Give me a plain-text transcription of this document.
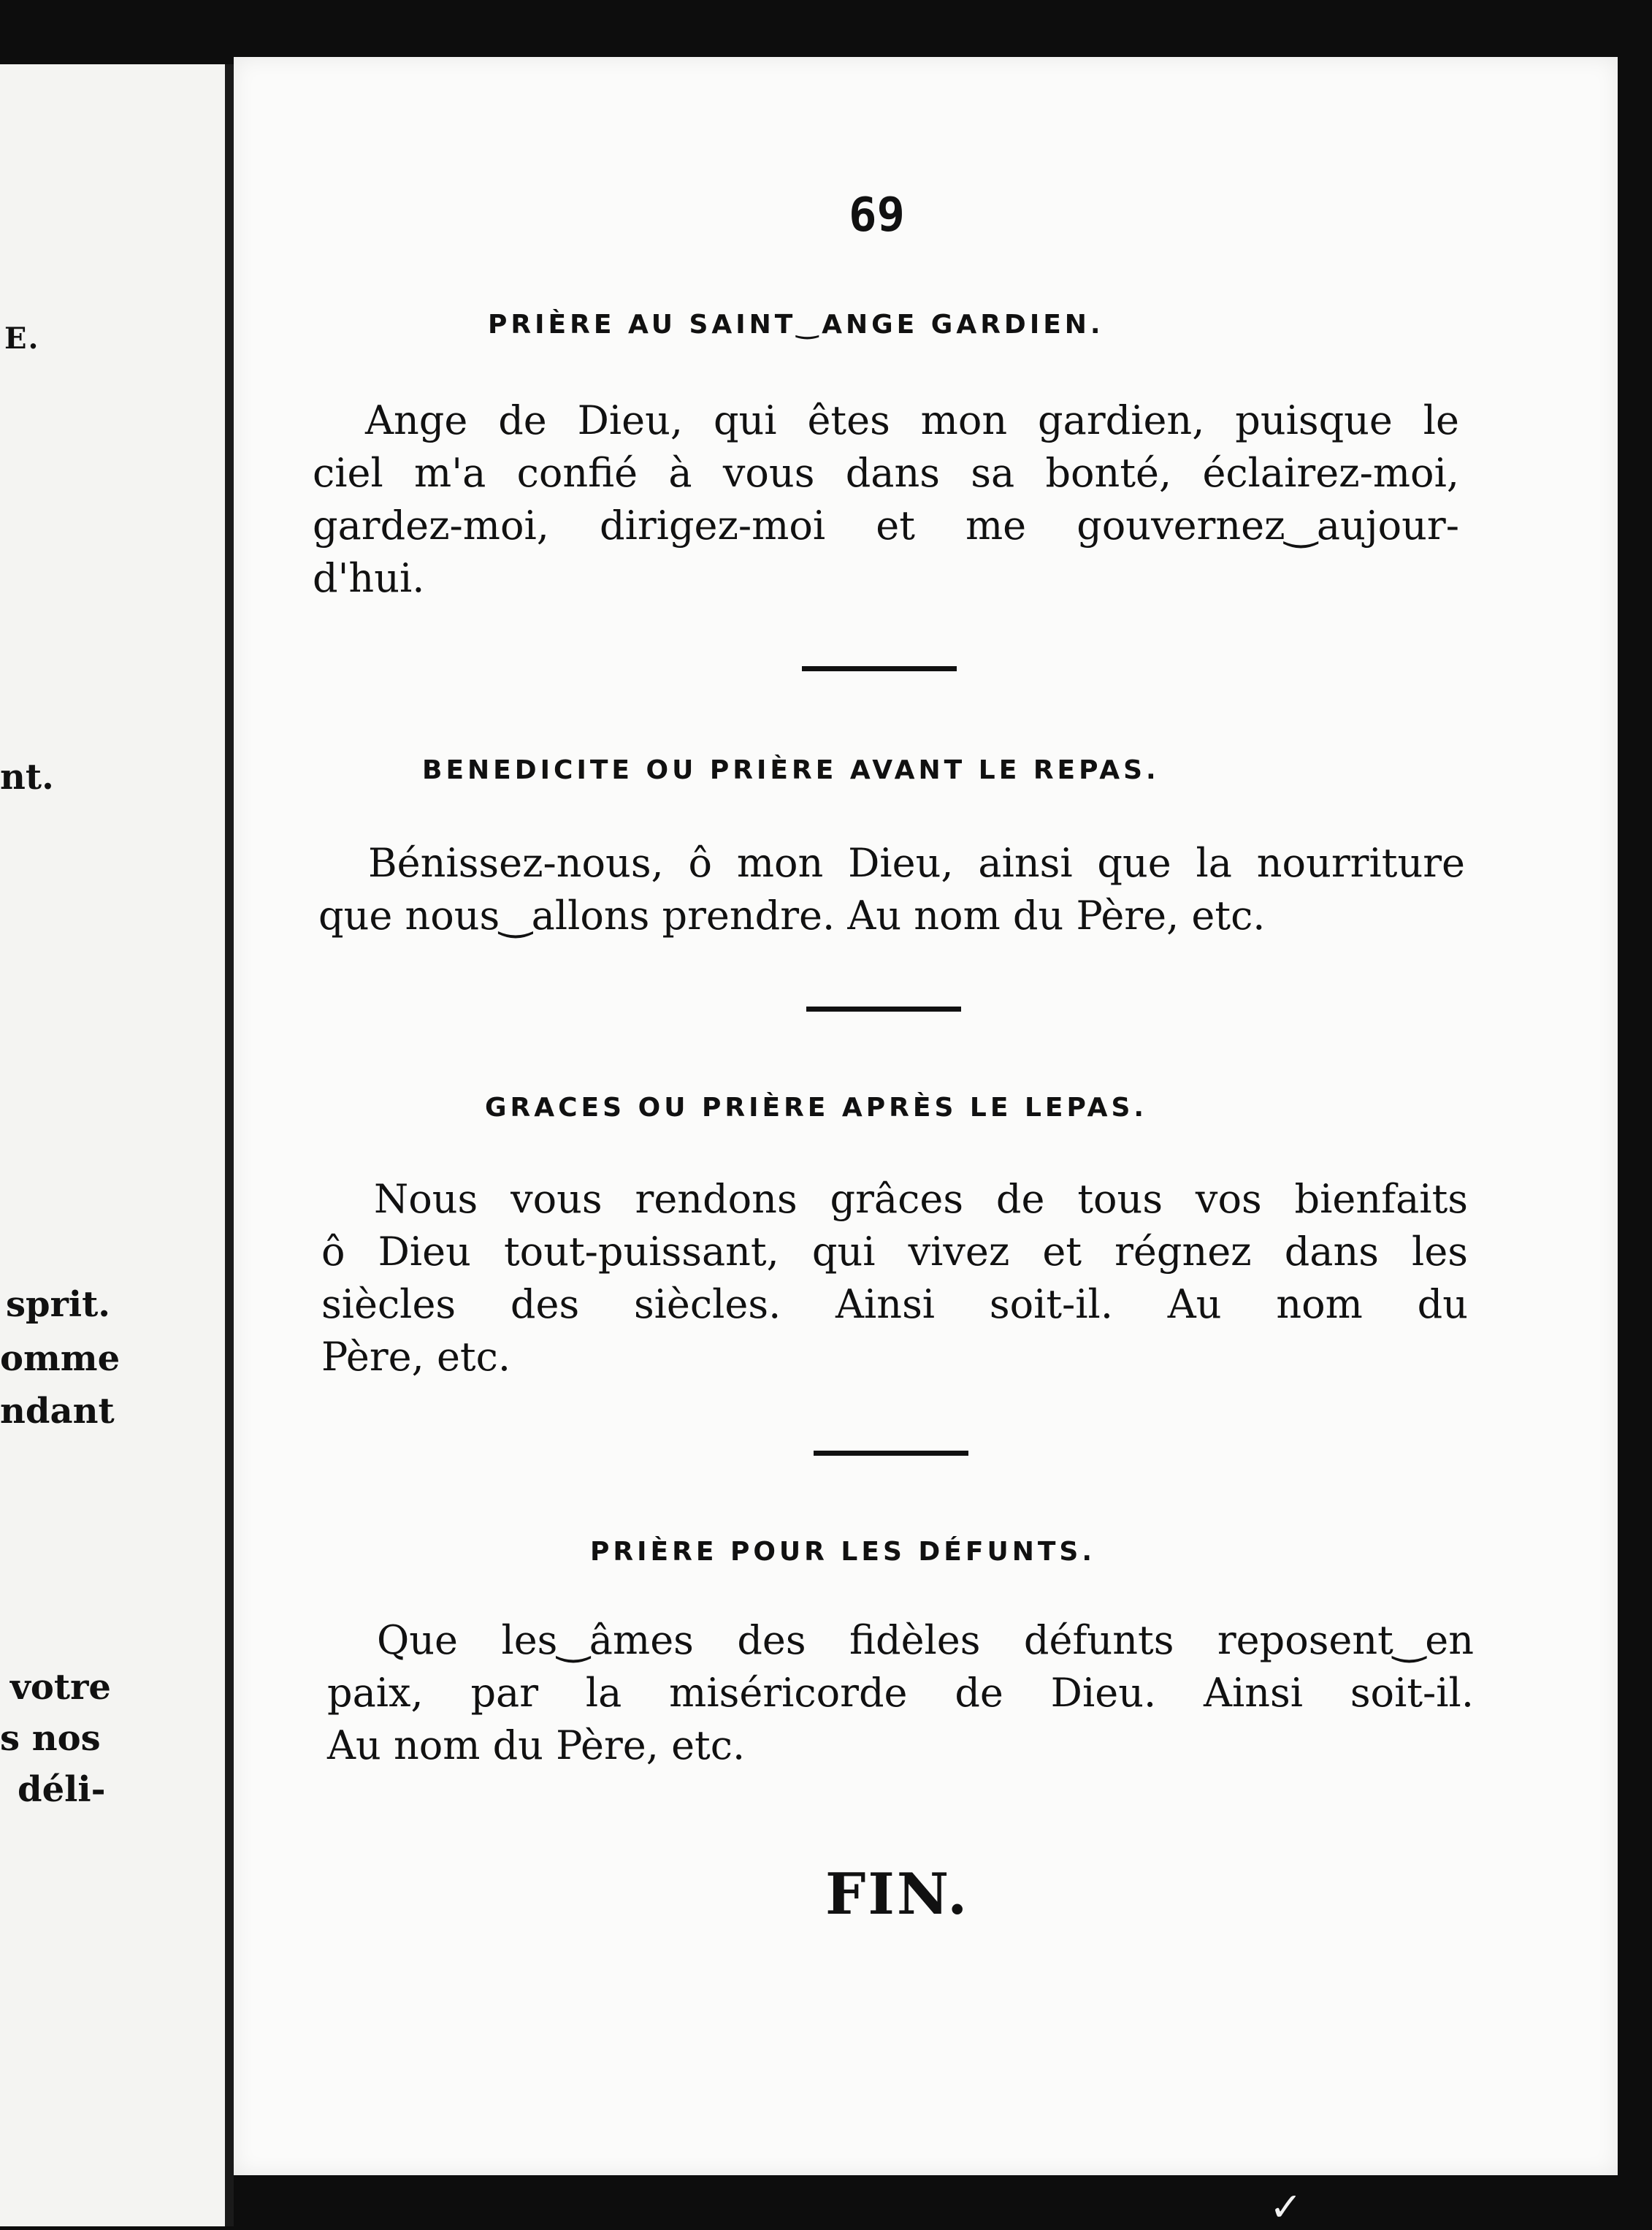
E.
nt.
sprit.
omme
ndant
votre
s nos
déli-
69
PRIÈRE AU SAINT‿ANGE GARDIEN.

Ange de Dieu, qui êtes mon gardien, puisque le

ciel m'a confié à vous dans sa bonté, éclairez-moi,

gardez-moi, dirigez-moi et me gouvernez‿aujour-

d'hui.

BENEDICITE OU PRIÈRE AVANT LE REPAS.

Bénissez-nous, ô mon Dieu, ainsi que la nourriture

que nous‿allons prendre. Au nom du Père, etc.

GRACES OU PRIÈRE APRÈS LE LEPAS.

Nous vous rendons grâces de tous vos bienfaits

ô Dieu tout-puissant, qui vivez et régnez dans les

siècles des siècles. Ainsi soit-il. Au nom du

Père, etc.

PRIÈRE POUR LES DÉFUNTS.

Que les‿âmes des fidèles défunts reposent‿en

paix, par la miséricorde de Dieu. Ainsi soit-il.

Au nom du Père, etc.

FIN.
✓
